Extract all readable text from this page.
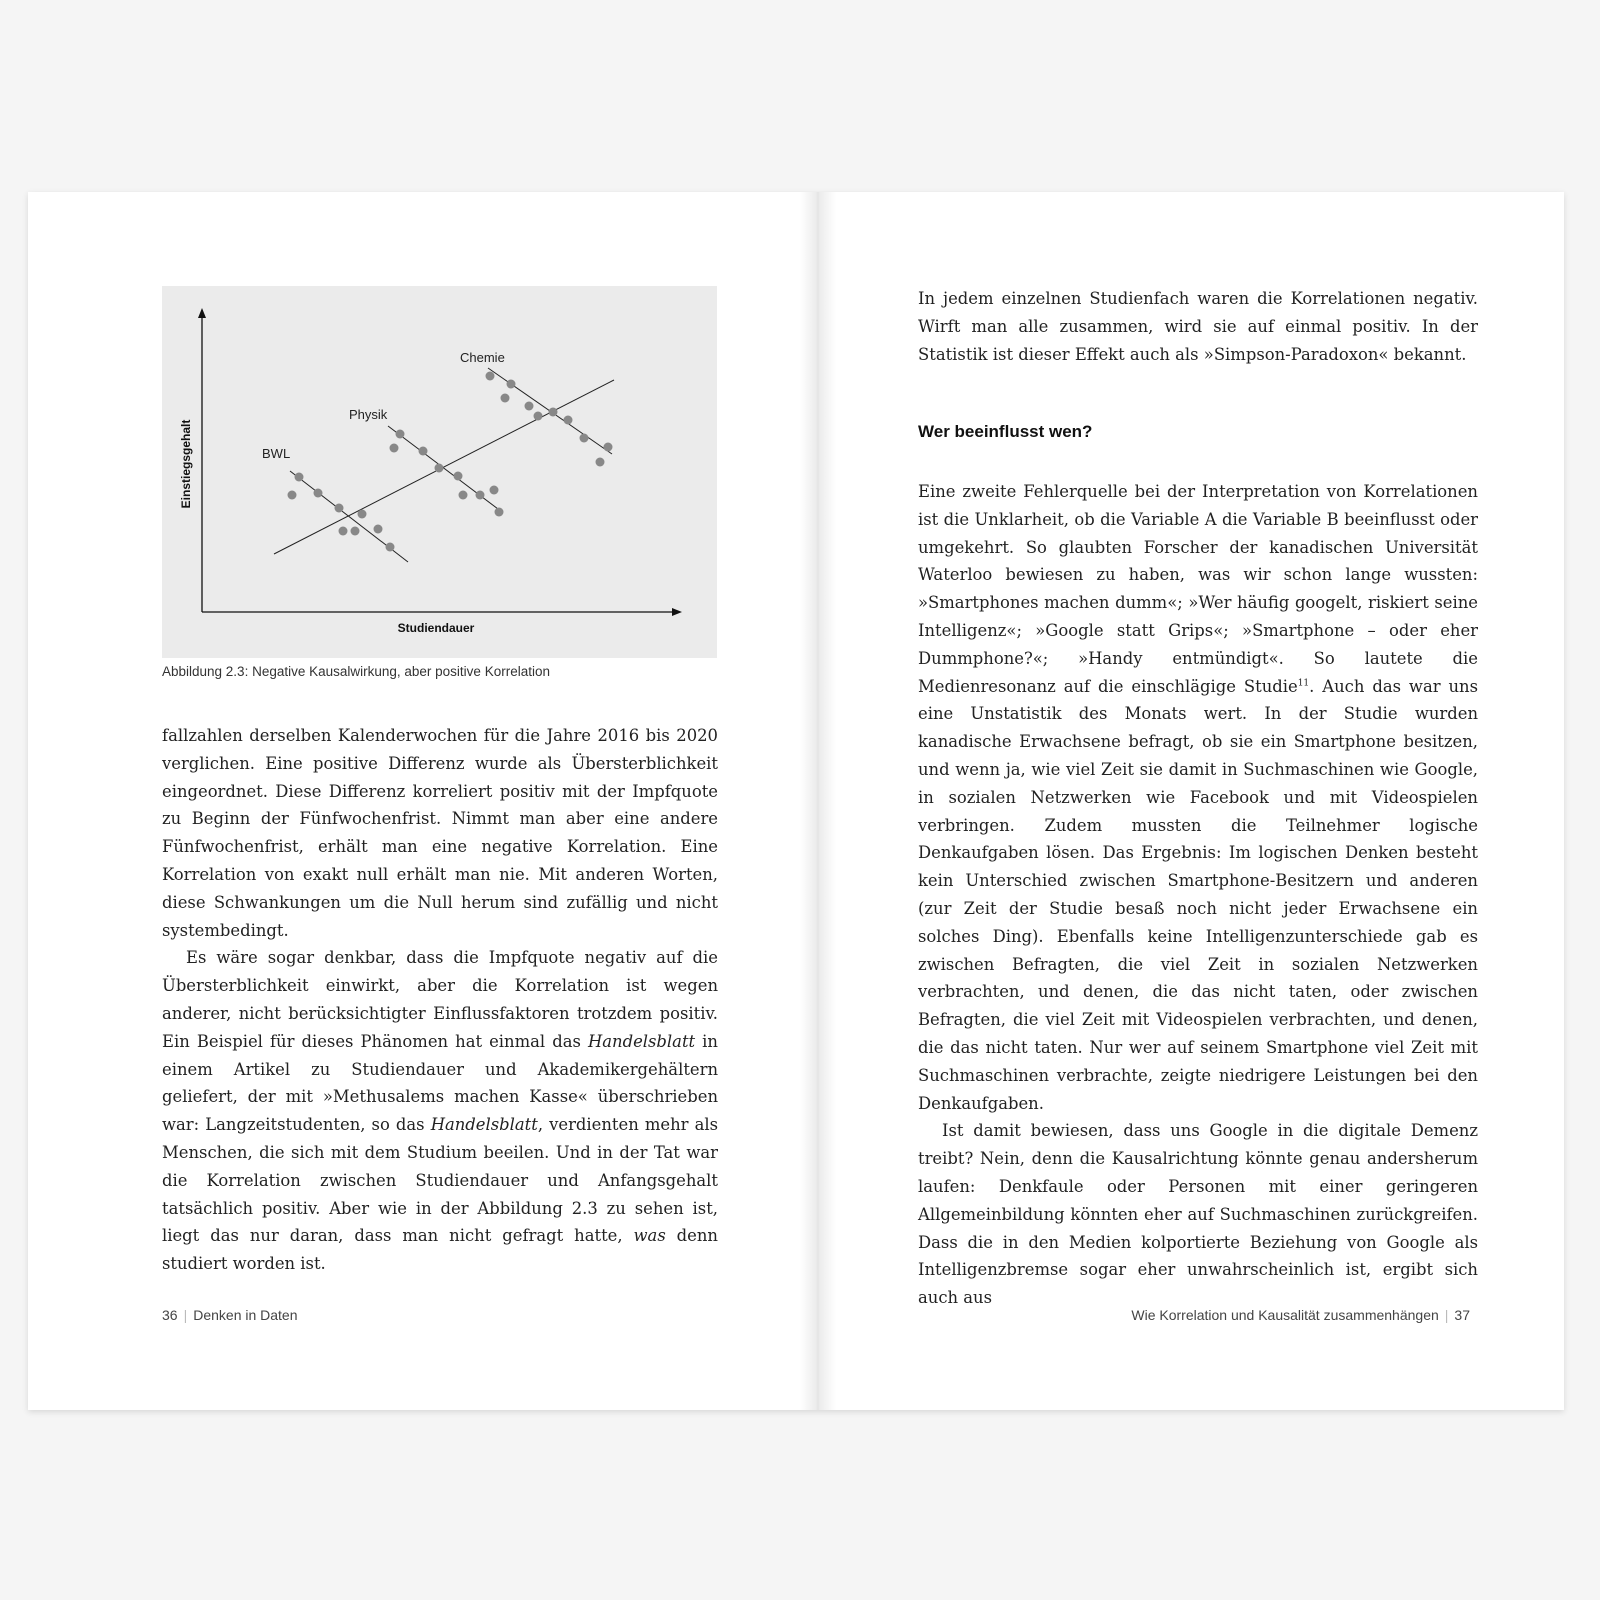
Einstiegsgehalt
Studiendauer
BWL
Physik
Chemie
Abbildung 2.3: Negative Kausalwirkung, aber positive Korrelation

fallzahlen derselben Kalenderwochen für die Jahre 2016 bis 2020 verglichen. Eine positive Differenz wurde als Übersterblichkeit eingeordnet. Diese Differenz korreliert positiv mit der Impfquote zu Beginn der Fünfwochenfrist. Nimmt man aber eine andere Fünfwochenfrist, erhält man eine negative Korrelation. Eine Korrelation von exakt null erhält man nie. Mit anderen Worten, diese Schwankungen um die Null herum sind zufällig und nicht systembedingt.

Es wäre sogar denkbar, dass die Impfquote negativ auf die Übersterblichkeit einwirkt, aber die Korrelation ist wegen anderer, nicht berücksichtigter Einflussfaktoren trotzdem positiv. Ein Beispiel für dieses Phänomen hat einmal das Handelsblatt in einem Artikel zu Studiendauer und Akademikergehältern geliefert, der mit »Methusalems machen Kasse« überschrieben war: Langzeitstudenten, so das Handelsblatt, verdienten mehr als Menschen, die sich mit dem Studium beeilen. Und in der Tat war die Korrelation zwischen Studiendauer und Anfangsgehalt tatsächlich positiv. Aber wie in der Abbildung 2.3 zu sehen ist, liegt das nur daran, dass man nicht gefragt hatte, was denn studiert worden ist.

36 | Denken in Daten

In jedem einzelnen Studienfach waren die Korrelationen negativ. Wirft man alle zusammen, wird sie auf einmal positiv. In der Statistik ist dieser Effekt auch als »Simpson-Paradoxon« bekannt.

Wer beeinflusst wen?

Eine zweite Fehlerquelle bei der Interpretation von Korrelationen ist die Unklarheit, ob die Variable A die Variable B beeinflusst oder umgekehrt. So glaubten Forscher der kanadischen Universität Waterloo bewiesen zu haben, was wir schon lange wussten: »Smartphones machen dumm«; »Wer häufig googelt, riskiert seine Intelligenz«; »Google statt Grips«; »Smartphone – oder eher Dummphone?«; »Handy entmündigt«. So lautete die Medienresonanz auf die einschlägige Studie$^{11}$. Auch das war uns eine Unstatistik des Monats wert. In der Studie wurden kanadische Erwachsene befragt, ob sie ein Smartphone besitzen, und wenn ja, wie viel Zeit sie damit in Suchmaschinen wie Google, in sozialen Netzwerken wie Facebook und mit Videospielen verbringen. Zudem mussten die Teilnehmer logische Denkaufgaben lösen. Das Ergebnis: Im logischen Denken besteht kein Unterschied zwischen Smartphone-Besitzern und anderen (zur Zeit der Studie besaß noch nicht jeder Erwachsene ein solches Ding). Ebenfalls keine Intelligenzunterschiede gab es zwischen Befragten, die viel Zeit in sozialen Netzwerken verbrachten, und denen, die das nicht taten, oder zwischen Befragten, die viel Zeit mit Videospielen verbrachten, und denen, die das nicht taten. Nur wer auf seinem Smartphone viel Zeit mit Suchmaschinen verbrachte, zeigte niedrigere Leistungen bei den Denkaufgaben.

Ist damit bewiesen, dass uns Google in die digitale Demenz treibt? Nein, denn die Kausalrichtung könnte genau andersherum laufen: Denkfaule oder Personen mit einer geringeren Allgemeinbildung könnten eher auf Suchmaschinen zurückgreifen. Dass die in den Medien kolportierte Beziehung von Google als Intelligenzbremse sogar eher unwahrscheinlich ist, ergibt sich auch aus

Wie Korrelation und Kausalität zusammenhängen | 37
